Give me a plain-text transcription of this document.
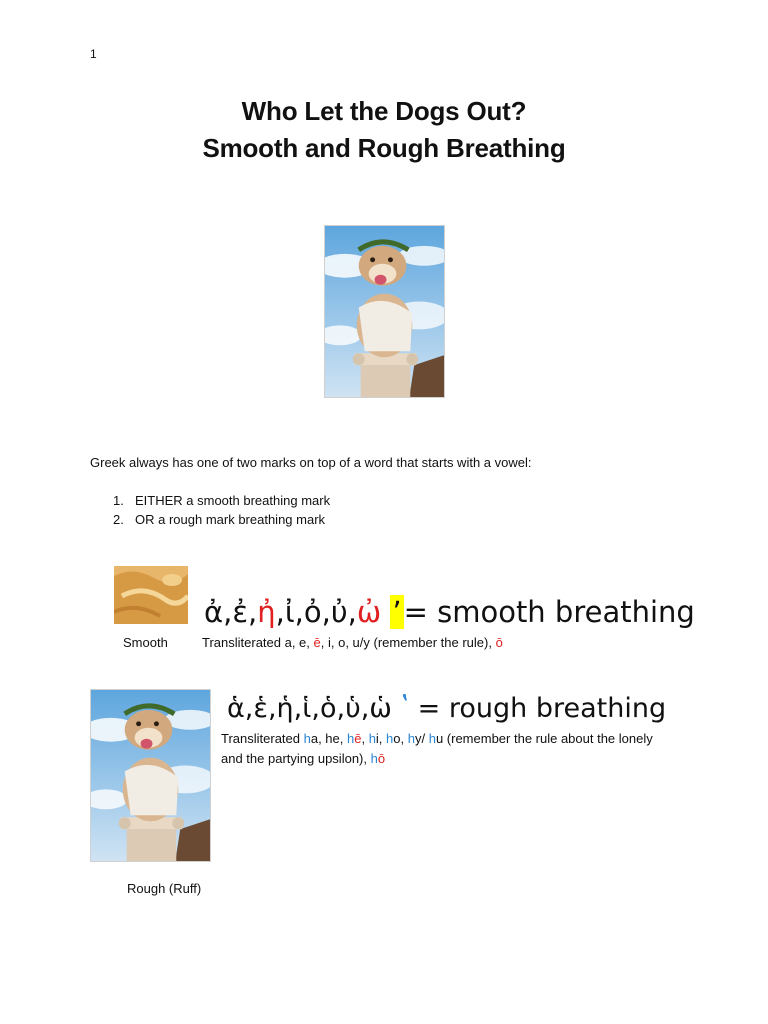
1
Who Let the Dogs Out?
Smooth and Rough Breathing
Greek always has one of two marks on top of a word that starts with a vowel:
1. EITHER a smooth breathing mark
2. OR a rough mark breathing mark
Smooth
ἀ,ἐ,ἠ,ἰ,ὀ,ὐ,ὠ ’= smooth breathing
Transliterated a, e, ē, i, o, u/y (remember the rule), ō
ἁ,ἑ,ἡ,ἱ,ὁ,ὑ,ὡ ʽ = rough breathing
Transliterated ha, he, hē, hi, ho, hy/ hu (remember the rule about the lonely and the partying upsilon), hō
Rough (Ruff)
